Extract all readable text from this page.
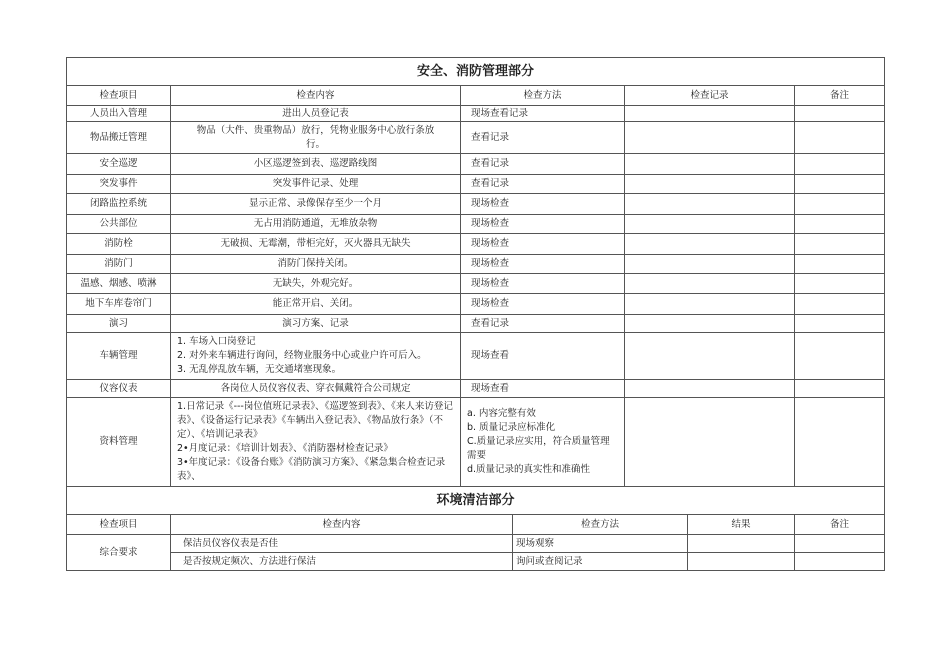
安全、消防管理部分				
检查项目	检查内容	检查方法	检查记录	备注
人员出入管理	进出人员登记表	现场查看记录		
物品搬迁管理	物品（大件、贵重物品）放行，凭物业服务中心放行条放
行。	查看记录		
安全巡逻	小区巡逻签到表、巡逻路线图	查看记录		
突发事件	突发事件记录、处理	查看记录		
闭路监控系统	显示正常、录像保存至少一个月	现场检查		
公共部位	无占用消防通道，无堆放杂物	现场检查		
消防栓	无破损、无霉潮，带柜完好，灭火器具无缺失	现场检查		
消防门	消防门保持关闭。	现场检查		
温感、烟感、喷淋	无缺失，外观完好。	现场检查		
地下车库卷帘门	能正常开启、关闭。	现场检查		
演习	演习方案、记录	查看记录		
车辆管理	1. 车场入口岗登记
2. 对外来车辆进行询问，经物业服务中心或业户许可后入。
3. 无乱停乱放车辆，无交通堵塞现象。	现场查看		
仪容仪表	各岗位人员仪容仪表、穿衣佩戴符合公司规定	现场查看		
资料管理	1.日常记录《---岗位值班记录表》、《巡逻签到表》、《来人来访登记表》、《设备运行记录表》《车辆出入登记表》、《物品放行条》（不定）、《培训记录表》
2•月度记录：《培训计划表》、《消防器材检查记录》
3•年度记录：《设备台账》《消防演习方案》、《紧急集合检查记录表》、	a. 内容完整有效
b. 质量记录应标准化
C.质量记录应实用，符合质量管理需要
d.质量记录的真实性和准确性		
环境清洁部分				
检查项目	检查内容	检查方法	结果	备注
综合要求	保洁员仪容仪表是否佳	现场观察		
	是否按规定频次、方法进行保洁	询问或查阅记录		
